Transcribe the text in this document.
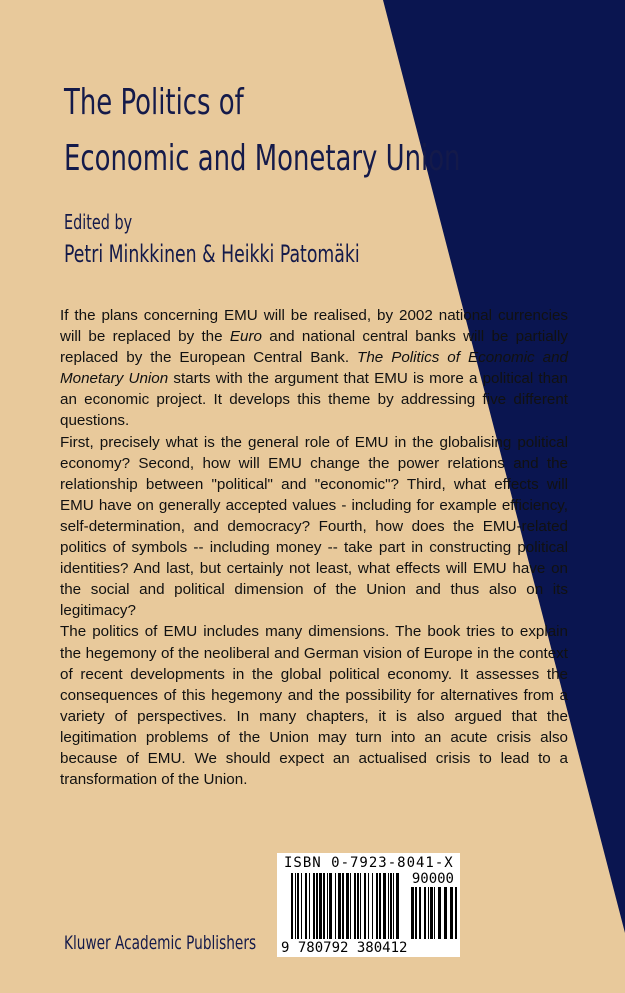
The Politics of
Economic and Monetary Union
Edited by
Petri Minkkinen & Heikki Patomäki

If the plans concerning EMU will be realised, by 2002 national currencies will be replaced by the Euro and national central banks will be partially replaced by the European Central Bank. The Politics of Economic and Monetary Union starts with the argument that EMU is more a political than an economic project. It develops this theme by addressing five different questions.

First, precisely what is the general role of EMU in the globalising political economy? Second, how will EMU change the power relations and the relationship between "political" and "economic"? Third, what effects will EMU have on generally accepted values - including for example efficiency, self-determination, and democracy? Fourth, how does the EMU-related politics of symbols -- including money -- take part in constructing political identities? And last, but certainly not least, what effects will EMU have on the social and political dimension of the Union and thus also on its legitimacy?

The politics of EMU includes many dimensions. The book tries to explain the hegemony of the neoliberal and German vision of Europe in the context of recent developments in the global political economy. It assesses the consequences of this hegemony and the possibility for alternatives from a variety of perspectives. In many chapters, it is also argued that the legitimation problems of the Union may turn into an acute crisis also because of EMU. We should expect an actualised crisis to lead to a transformation of the Union.

ISBN 0-7923-8041-X
90000
9 780792 380412
Kluwer Academic Publishers
